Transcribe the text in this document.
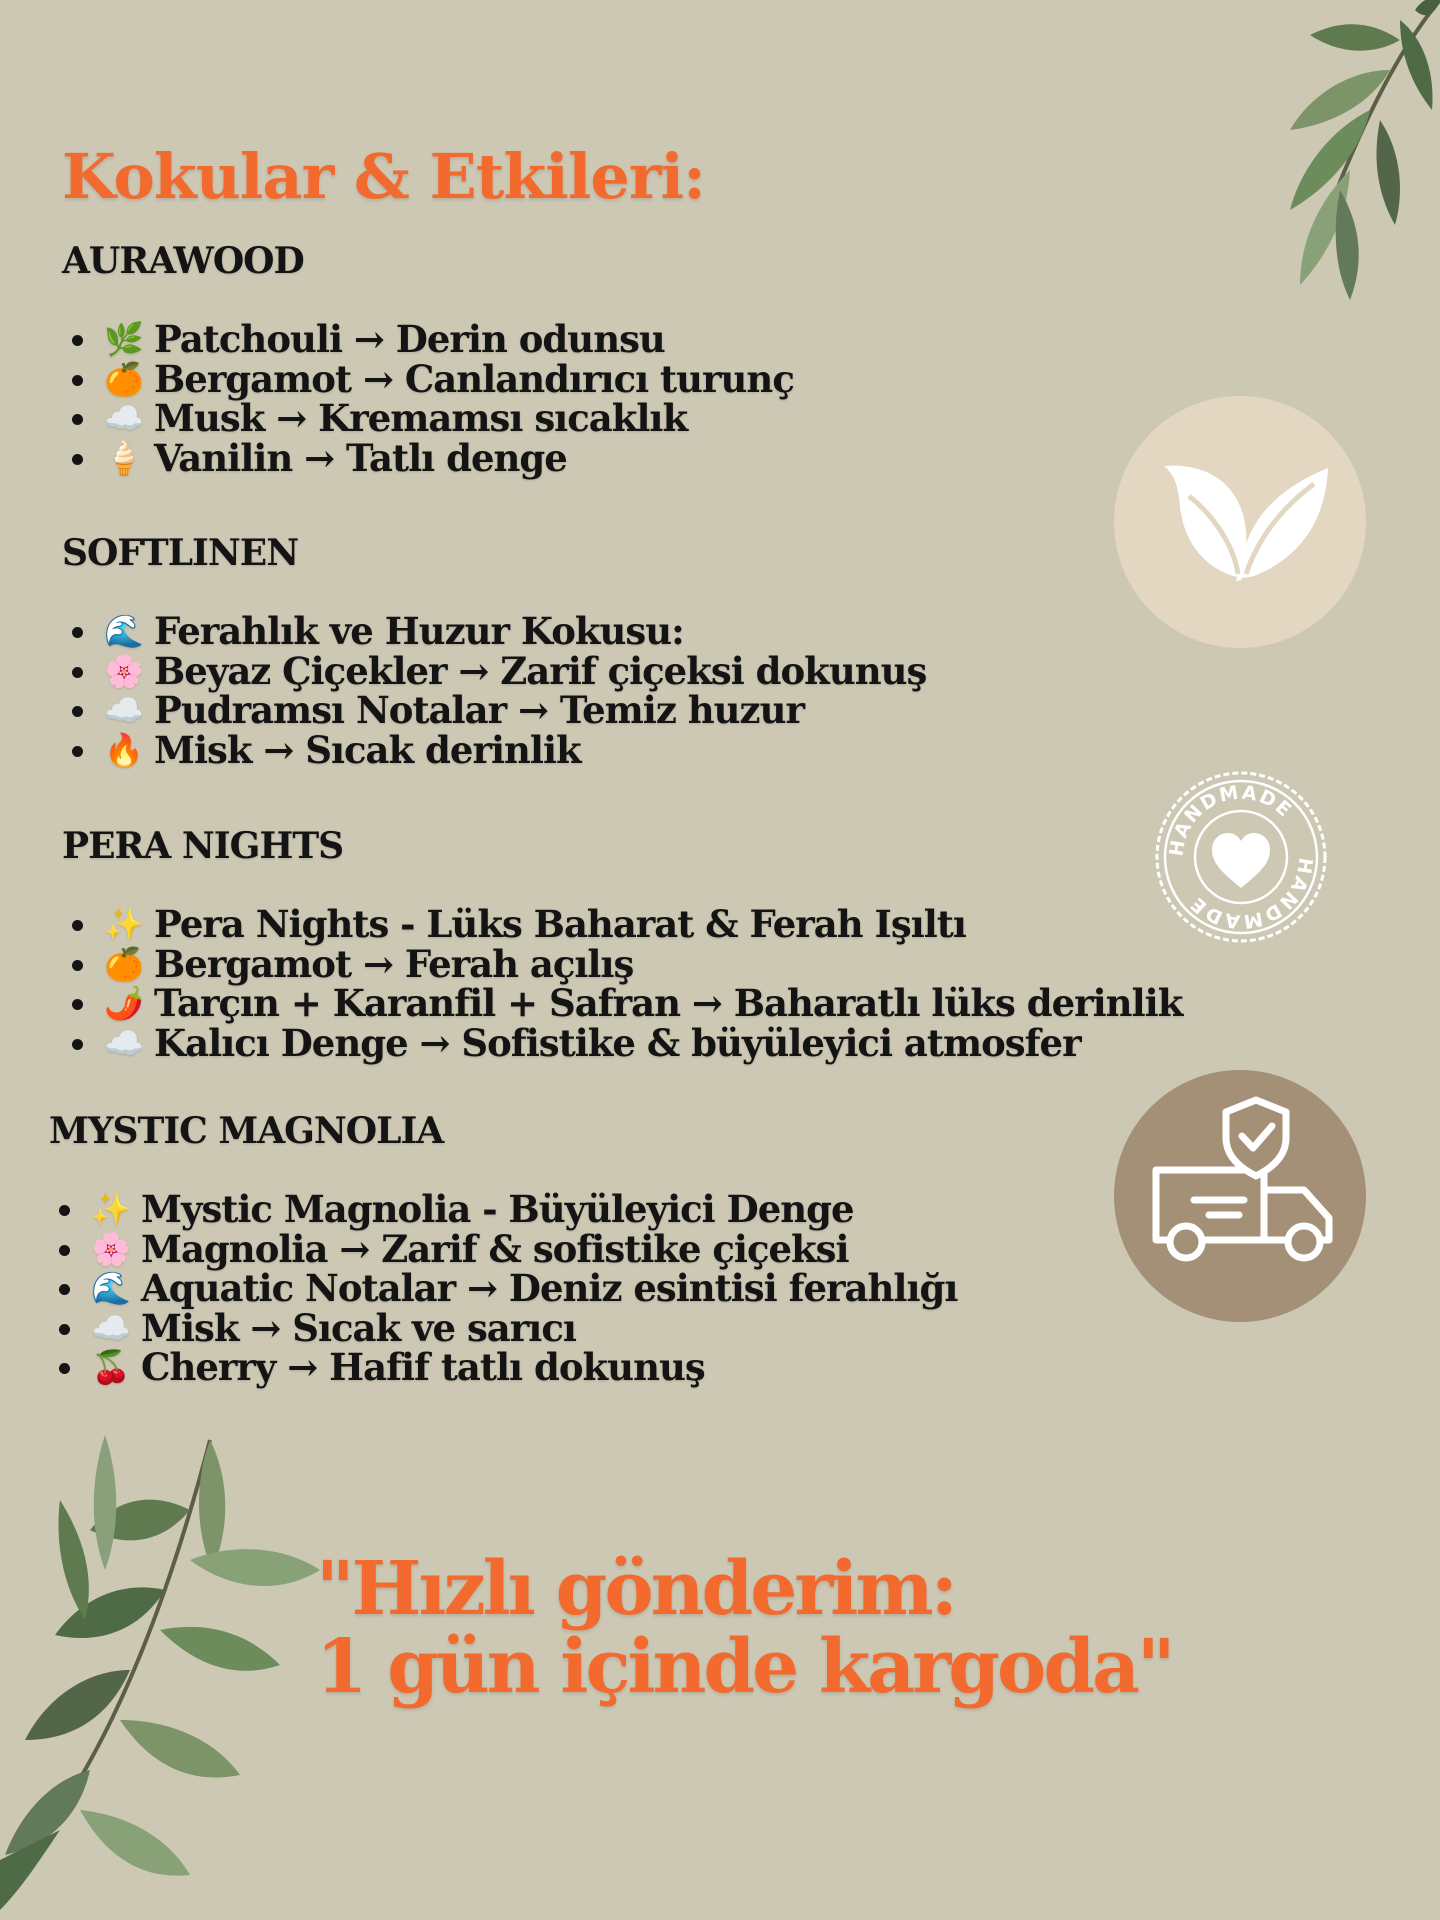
Kokular & Etkileri:
AURAWOOD
🌿 Patchouli → Derin odunsu
🍊 Bergamot → Canlandırıcı turunç
☁️ Musk → Kremamsı sıcaklık
🍦 Vanilin → Tatlı denge
SOFTLINEN
🌊 Ferahlık ve Huzur Kokusu:
🌸 Beyaz Çiçekler → Zarif çiçeksi dokunuş
☁️ Pudramsı Notalar → Temiz huzur
🔥 Misk → Sıcak derinlik
PERA NIGHTS
✨ Pera Nights - Lüks Baharat & Ferah Işıltı
🍊 Bergamot → Ferah açılış
🌶️ Tarçın + Karanfil + Safran → Baharatlı lüks derinlik
☁️ Kalıcı Denge → Sofistike & büyüleyici atmosfer
MYSTIC MAGNOLIA
✨ Mystic Magnolia - Büyüleyici Denge
🌸 Magnolia → Zarif & sofistike çiçeksi
🌊 Aquatic Notalar → Deniz esintisi ferahlığı
☁️ Misk → Sıcak ve sarıcı
🍒 Cherry → Hafif tatlı dokunuş
HANDMADE
HANDMADE
"Hızlı gönderim:
1 gün içinde kargoda"
